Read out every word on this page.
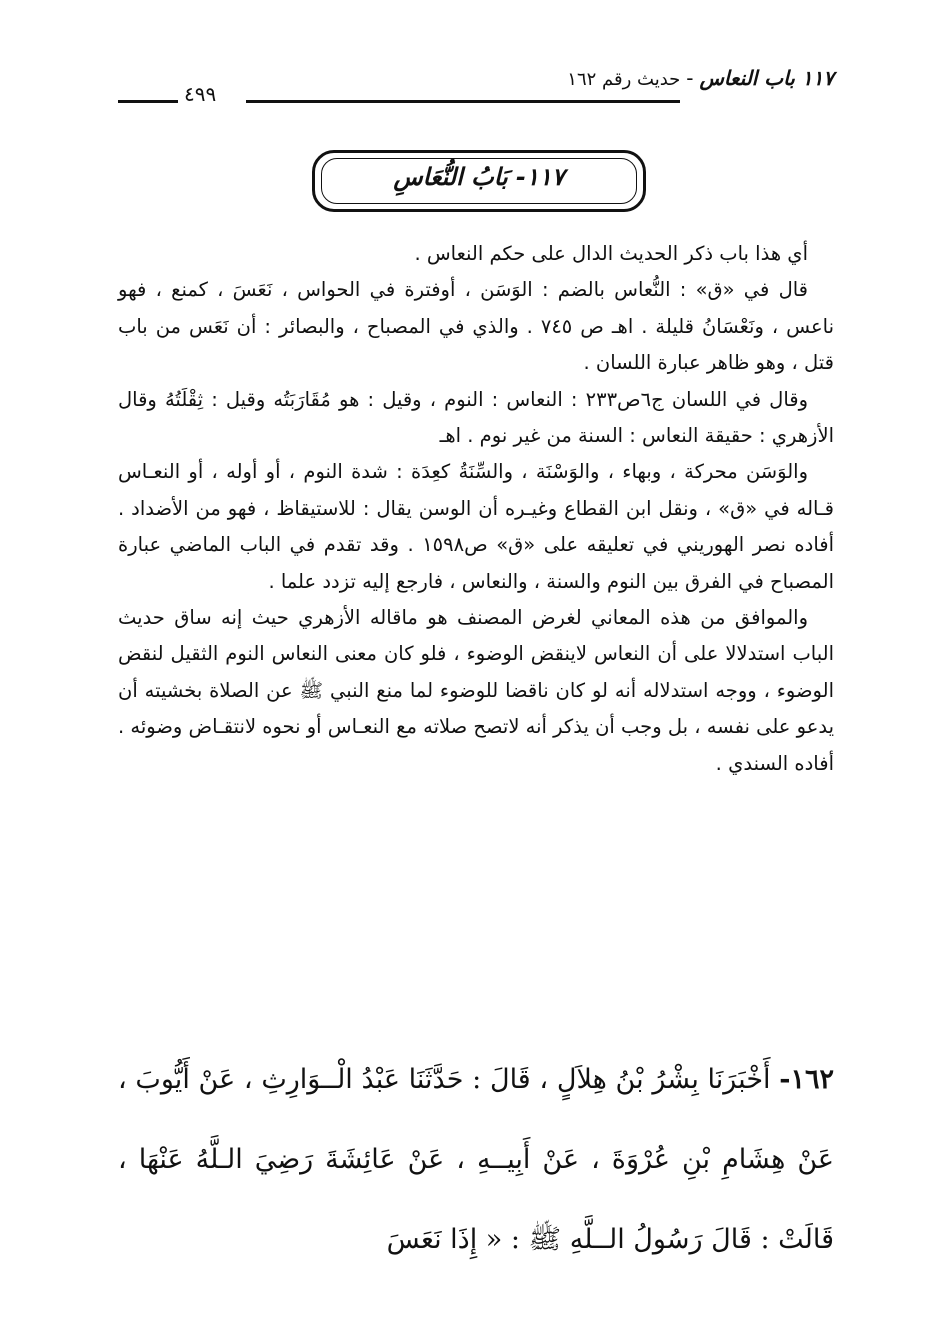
١١٧ باب النعاس-حديث رقم ١٦٢
٤٩٩
١١٧- بَابُ النُّعَاسِ

أي هذا باب ذكر الحديث الدال على حكم النعاس .

قال في «ق» : النُّعاس بالضم : الوَسَن ، أوفترة في الحواس ، نَعَسَ ، كمنع ، فهو ناعس ، ونَعْسَانُ قليلة . اهـ ص ٧٤٥ . والذي في المصباح ، والبصائر : أن نَعَس من باب قتل ، وهو ظاهر عبارة اللسان .

وقال في اللسان ج٦ص٢٣٣ : النعاس : النوم ، وقيل : هو مُقَارَبَتُه وقيل : ثِقْلَتُهُ وقال الأزهري : حقيقة النعاس : السنة من غير نوم . اهـ

والوَسَن محركة ، وبهاء ، والوَسْنَة ، والسِّنَةُ كعِدَة : شدة النوم ، أو أوله ، أو النعـاس قـاله في «ق» ، ونقل ابن القطاع وغيـره أن الوسن يقال : للاستيقاظ ، فهو من الأضداد . أفاده نصر الهوريني في تعليقه على «ق» ص١٥٩٨ . وقد تقدم في الباب الماضي عبارة المصباح في الفرق بين النوم والسنة ، والنعاس ، فارجع إليه تزدد علما .

والموافق من هذه المعاني لغرض المصنف هو ماقاله الأزهري حيث إنه ساق حديث الباب استدلالا على أن النعاس لاينقض الوضوء ، فلو كان معنى النعاس النوم الثقيل لنقض الوضوء ، ووجه استدلاله أنه لو كان ناقضا للوضوء لما منع النبي ﷺ عن الصلاة بخشيته أن يدعو على نفسه ، بل وجب أن يذكر أنه لاتصح صلاته مع النعـاس أو نحوه لانتقـاض وضوئه . أفاده السندي .

١٦٢- أَخْبَرَنَا بِشْرُ بْنُ هِلاَلٍ ، قَالَ : حَدَّثَنَا عَبْدُ الْــوَارِثِ ، عَنْ أَيُّوبَ ، عَنْ هِشَامِ بْنِ عُرْوَةَ ، عَنْ أَبِيــهِ ، عَنْ عَائِشَةَ رَضِيَ الـلَّهُ عَنْهَا ، قَالَتْ : قَالَ رَسُولُ الــلَّهِ ﷺ : « إِذَا نَعَسَ
